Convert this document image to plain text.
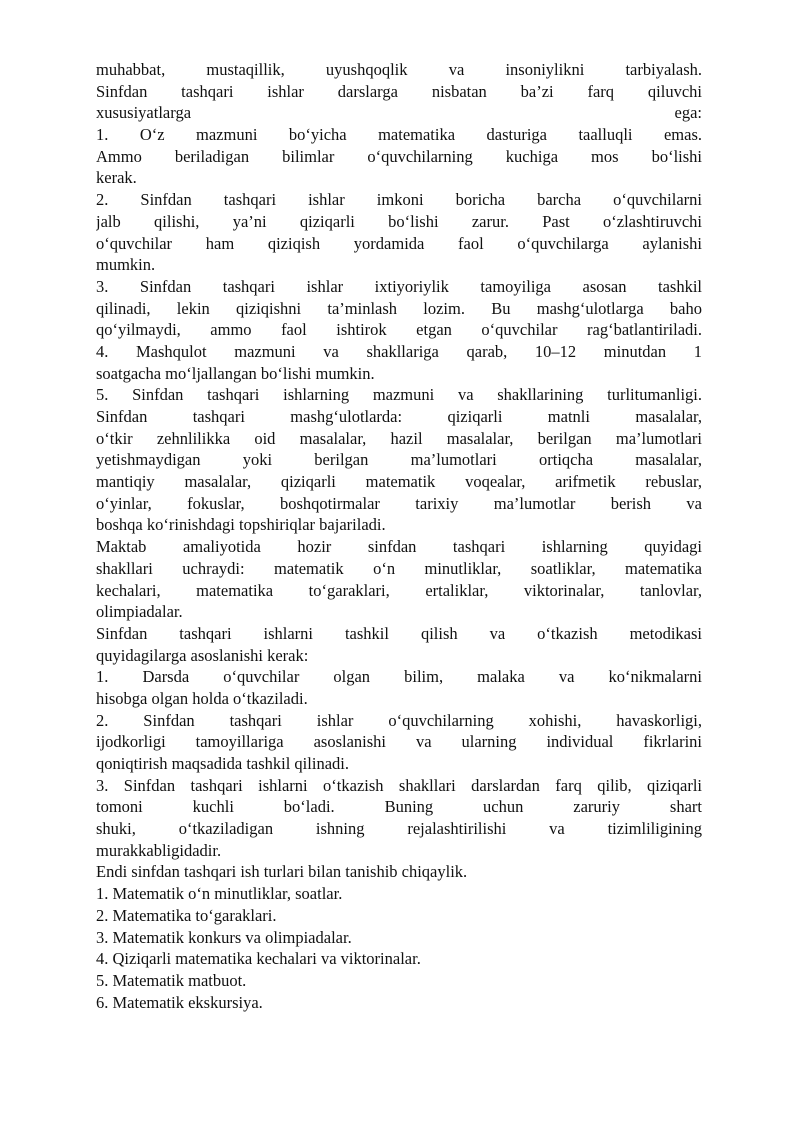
muhabbat, mustaqillik, uyushqoqlik va insoniylikni tarbiyalash.
Sinfdan tashqari ishlar darslarga nisbatan ba’zi farq qiluvchi
xususiyatlarga	ega:
1. O‘z mazmuni bo‘yicha matematika dasturiga taalluqli emas.
Ammo beriladigan bilimlar o‘quvchilarning kuchiga mos bo‘lishi
kerak.
2. Sinfdan tashqari ishlar imkoni boricha barcha o‘quvchilarni
jalb qilishi, ya’ni qiziqarli bo‘lishi zarur. Past o‘zlashtiruvchi
o‘quvchilar ham qiziqish yordamida faol o‘quvchilarga aylanishi
mumkin.
3. Sinfdan tashqari ishlar ixtiyoriylik tamoyiliga asosan tashkil
qilinadi, lekin qiziqishni ta’minlash lozim. Bu mashg‘ulotlarga baho
qo‘yilmaydi, ammo faol ishtirok etgan o‘quvchilar rag‘batlantiriladi.
4. Mashqulot mazmuni va shakllariga qarab, 10–12 minutdan 1
soatgacha mo‘ljallangan bo‘lishi mumkin.
5. Sinfdan tashqari ishlarning mazmuni va shakllarining turlitumanligi.
Sinfdan tashqari mashg‘ulotlarda: qiziqarli matnli masalalar,
o‘tkir zehnlilikka oid masalalar, hazil masalalar, berilgan ma’lumotlari
yetishmaydigan yoki berilgan ma’lumotlari ortiqcha masalalar,
mantiqiy masalalar, qiziqarli matematik voqealar, arifmetik rebuslar,
o‘yinlar, fokuslar, boshqotirmalar tarixiy ma’lumotlar berish va
boshqa ko‘rinishdagi topshiriqlar bajariladi.
Maktab amaliyotida hozir sinfdan tashqari ishlarning quyidagi
shakllari uchraydi: matematik o‘n minutliklar, soatliklar, matematika
kechalari, matematika to‘garaklari, ertaliklar, viktorinalar, tanlovlar,
olimpiadalar.
Sinfdan tashqari ishlarni tashkil qilish va o‘tkazish metodikasi
quyidagilarga asoslanishi kerak:
1. Darsda o‘quvchilar olgan bilim, malaka va ko‘nikmalarni
hisobga olgan holda o‘tkaziladi.
2. Sinfdan tashqari ishlar o‘quvchilarning xohishi, havaskorligi,
ijodkorligi tamoyillariga asoslanishi va ularning individual fikrlarini
qoniqtirish maqsadida tashkil qilinadi.
3. Sinfdan tashqari ishlarni o‘tkazish shakllari darslardan farq qilib, qiziqarli
tomoni kuchli bo‘ladi. Buning uchun zaruriy shart
shuki, o‘tkaziladigan ishning rejalashtirilishi va tizimliligining
murakkabligidadir.
Endi sinfdan tashqari ish turlari bilan tanishib chiqaylik.
1. Matematik o‘n minutliklar, soatlar.
2. Matematika to‘garaklari.
3. Matematik konkurs va olimpiadalar.
4. Qiziqarli matematika kechalari va viktorinalar.
5. Matematik matbuot.
6. Matematik ekskursiya.
